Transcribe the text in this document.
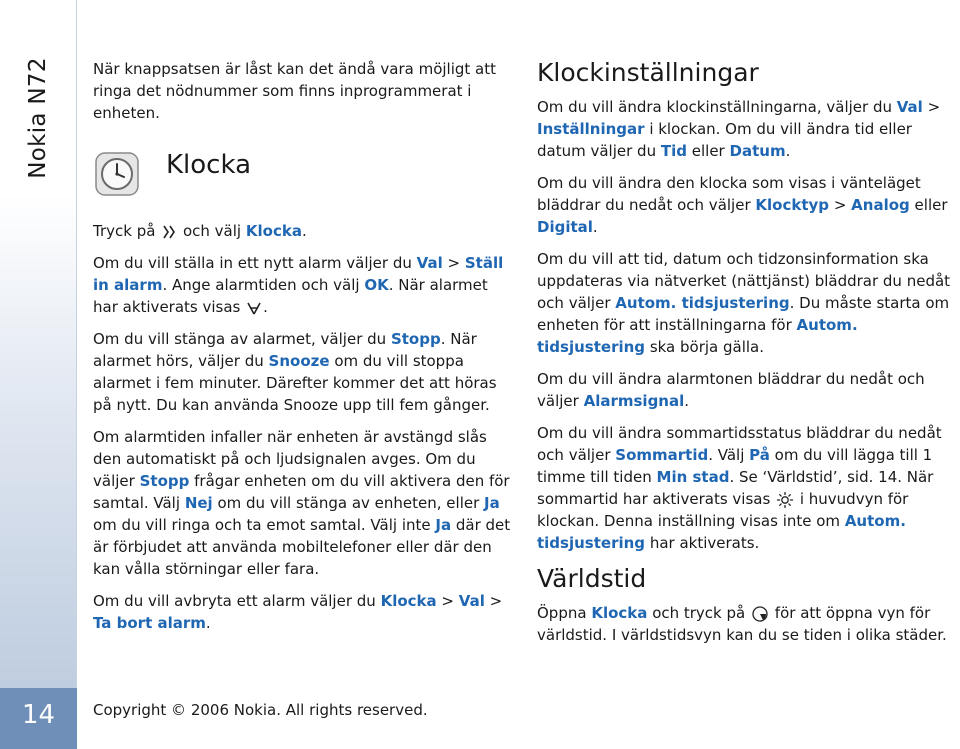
Nokia N72
14

När knappsatsen är låst kan det ändå vara möjligt att ringa det nödnummer som finns inprogrammerat i enheten.

Klocka

Tryck på och välj Klocka.

Om du vill ställa in ett nytt alarm väljer du Val > Ställ in alarm. Ange alarmtiden och välj OK. När alarmet har aktiverats visas .

Om du vill stänga av alarmet, väljer du Stopp. När alarmet hörs, väljer du Snooze om du vill stoppa alarmet i fem minuter. Därefter kommer det att höras på nytt. Du kan använda Snooze upp till fem gånger.

Om alarmtiden infaller när enheten är avstängd slås den automatiskt på och ljudsignalen avges. Om du väljer Stopp frågar enheten om du vill aktivera den för samtal. Välj Nej om du vill stänga av enheten, eller Ja om du vill ringa och ta emot samtal. Välj inte Ja där det är förbjudet att använda mobiltelefoner eller där den kan vålla störningar eller fara.

Om du vill avbryta ett alarm väljer du Klocka > Val > Ta bort alarm.

Klockinställningar

Om du vill ändra klockinställningarna, väljer du Val > Inställningar i klockan. Om du vill ändra tid eller datum väljer du Tid eller Datum.

Om du vill ändra den klocka som visas i vänteläget bläddrar du nedåt och väljer Klocktyp > Analog eller Digital.

Om du vill att tid, datum och tidzonsinformation ska uppdateras via nätverket (nättjänst) bläddrar du nedåt och väljer Autom. tidsjustering. Du måste starta om enheten för att inställningarna för Autom. tidsjustering ska börja gälla.

Om du vill ändra alarmtonen bläddrar du nedåt och väljer Alarmsignal.

Om du vill ändra sommartidsstatus bläddrar du nedåt och väljer Sommartid. Välj På om du vill lägga till 1 timme till tiden Min stad. Se ‘Världstid’, sid. 14. När sommartid har aktiverats visas i huvudvyn för klockan. Denna inställning visas inte om Autom. tidsjustering har aktiverats.

Världstid

Öppna Klocka och tryck på för att öppna vyn för världstid. I världstidsvyn kan du se tiden i olika städer.

Copyright © 2006 Nokia. All rights reserved.
